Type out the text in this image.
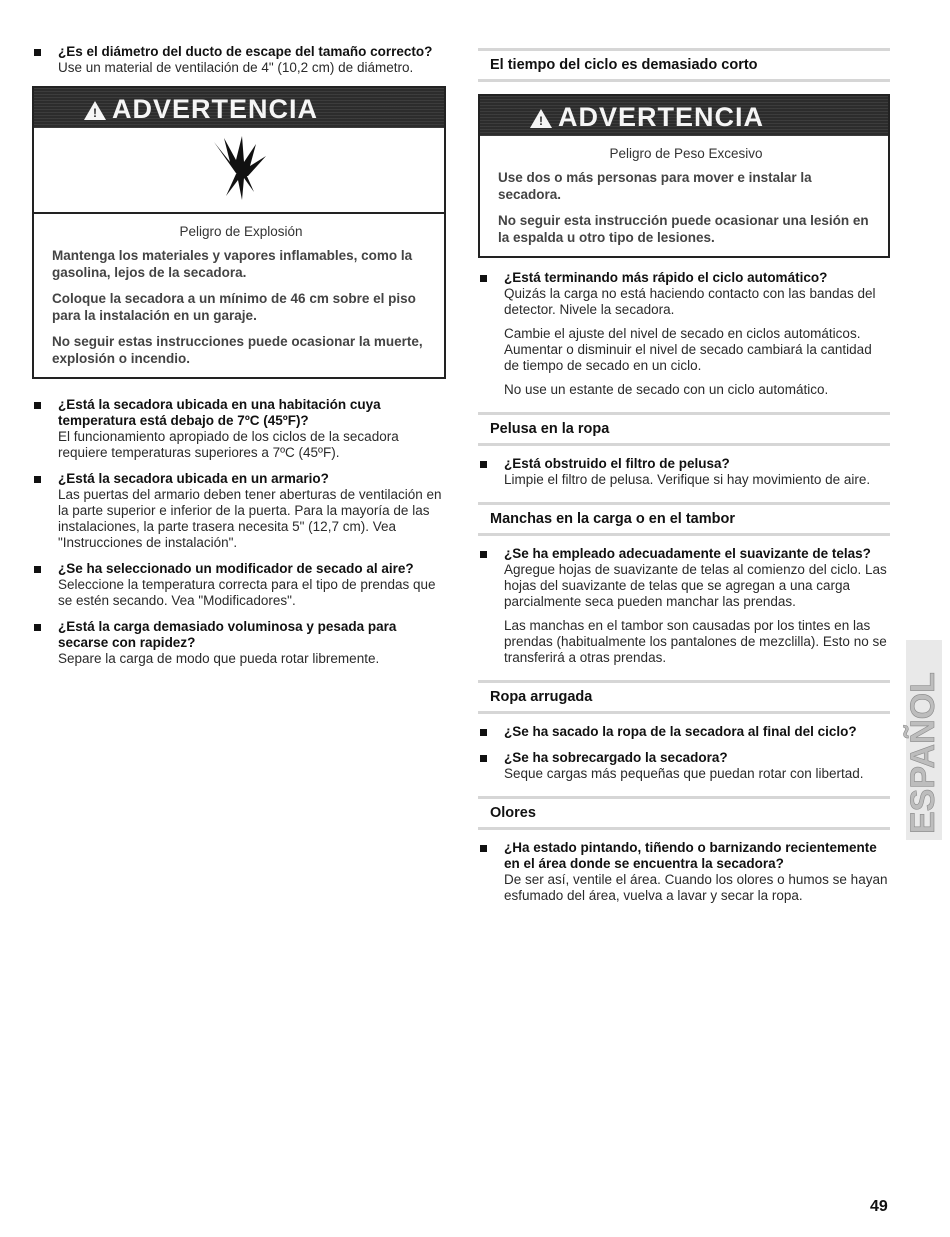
¿Es el diámetro del ducto de escape del tamaño correcto?
Use un material de ventilación de 4" (10,2 cm) de diámetro.
! ADVERTENCIA
Peligro de Explosión

Mantenga los materiales y vapores inflamables, como la gasolina, lejos de la secadora.

Coloque la secadora a un mínimo de 46 cm sobre el piso para la instalación en un garaje.

No seguir estas instrucciones puede ocasionar la muerte, explosión o incendio.

¿Está la secadora ubicada en una habitación cuya temperatura está debajo de 7ºC (45ºF)?
El funcionamiento apropiado de los ciclos de la secadora requiere temperaturas superiores a 7ºC (45ºF).
¿Está la secadora ubicada en un armario?
Las puertas del armario deben tener aberturas de ventilación en la parte superior e inferior de la puerta. Para la mayoría de las instalaciones, la parte trasera necesita 5" (12,7 cm). Vea "Instrucciones de instalación".
¿Se ha seleccionado un modificador de secado al aire?
Seleccione la temperatura correcta para el tipo de prendas que se estén secando. Vea "Modificadores".
¿Está la carga demasiado voluminosa y pesada para secarse con rapidez?
Separe la carga de modo que pueda rotar libremente.
El tiempo del ciclo es demasiado corto
! ADVERTENCIA
Peligro de Peso Excesivo

Use dos o más personas para mover e instalar la secadora.

No seguir esta instrucción puede ocasionar una lesión en la espalda u otro tipo de lesiones.

¿Está terminando más rápido el ciclo automático?
Quizás la carga no está haciendo contacto con las bandas del detector. Nivele la secadora.
Cambie el ajuste del nivel de secado en ciclos automáticos. Aumentar o disminuir el nivel de secado cambiará la cantidad de tiempo de secado en un ciclo.
No use un estante de secado con un ciclo automático.
Pelusa en la ropa
¿Está obstruido el filtro de pelusa?
Limpie el filtro de pelusa. Verifique si hay movimiento de aire.
Manchas en la carga o en el tambor
¿Se ha empleado adecuadamente el suavizante de telas?
Agregue hojas de suavizante de telas al comienzo del ciclo. Las hojas del suavizante de telas que se agregan a una carga parcialmente seca pueden manchar las prendas.
Las manchas en el tambor son causadas por los tintes en las prendas (habitualmente los pantalones de mezclilla). Esto no se transferirá a otras prendas.
Ropa arrugada
¿Se ha sacado la ropa de la secadora al final del ciclo?
¿Se ha sobrecargado la secadora?
Seque cargas más pequeñas que puedan rotar con libertad.
Olores
¿Ha estado pintando, tiñendo o barnizando recientemente en el área donde se encuentra la secadora?
De ser así, ventile el área. Cuando los olores o humos se hayan esfumado del área, vuelva a lavar y secar la ropa.
ESPAÑOL
49
